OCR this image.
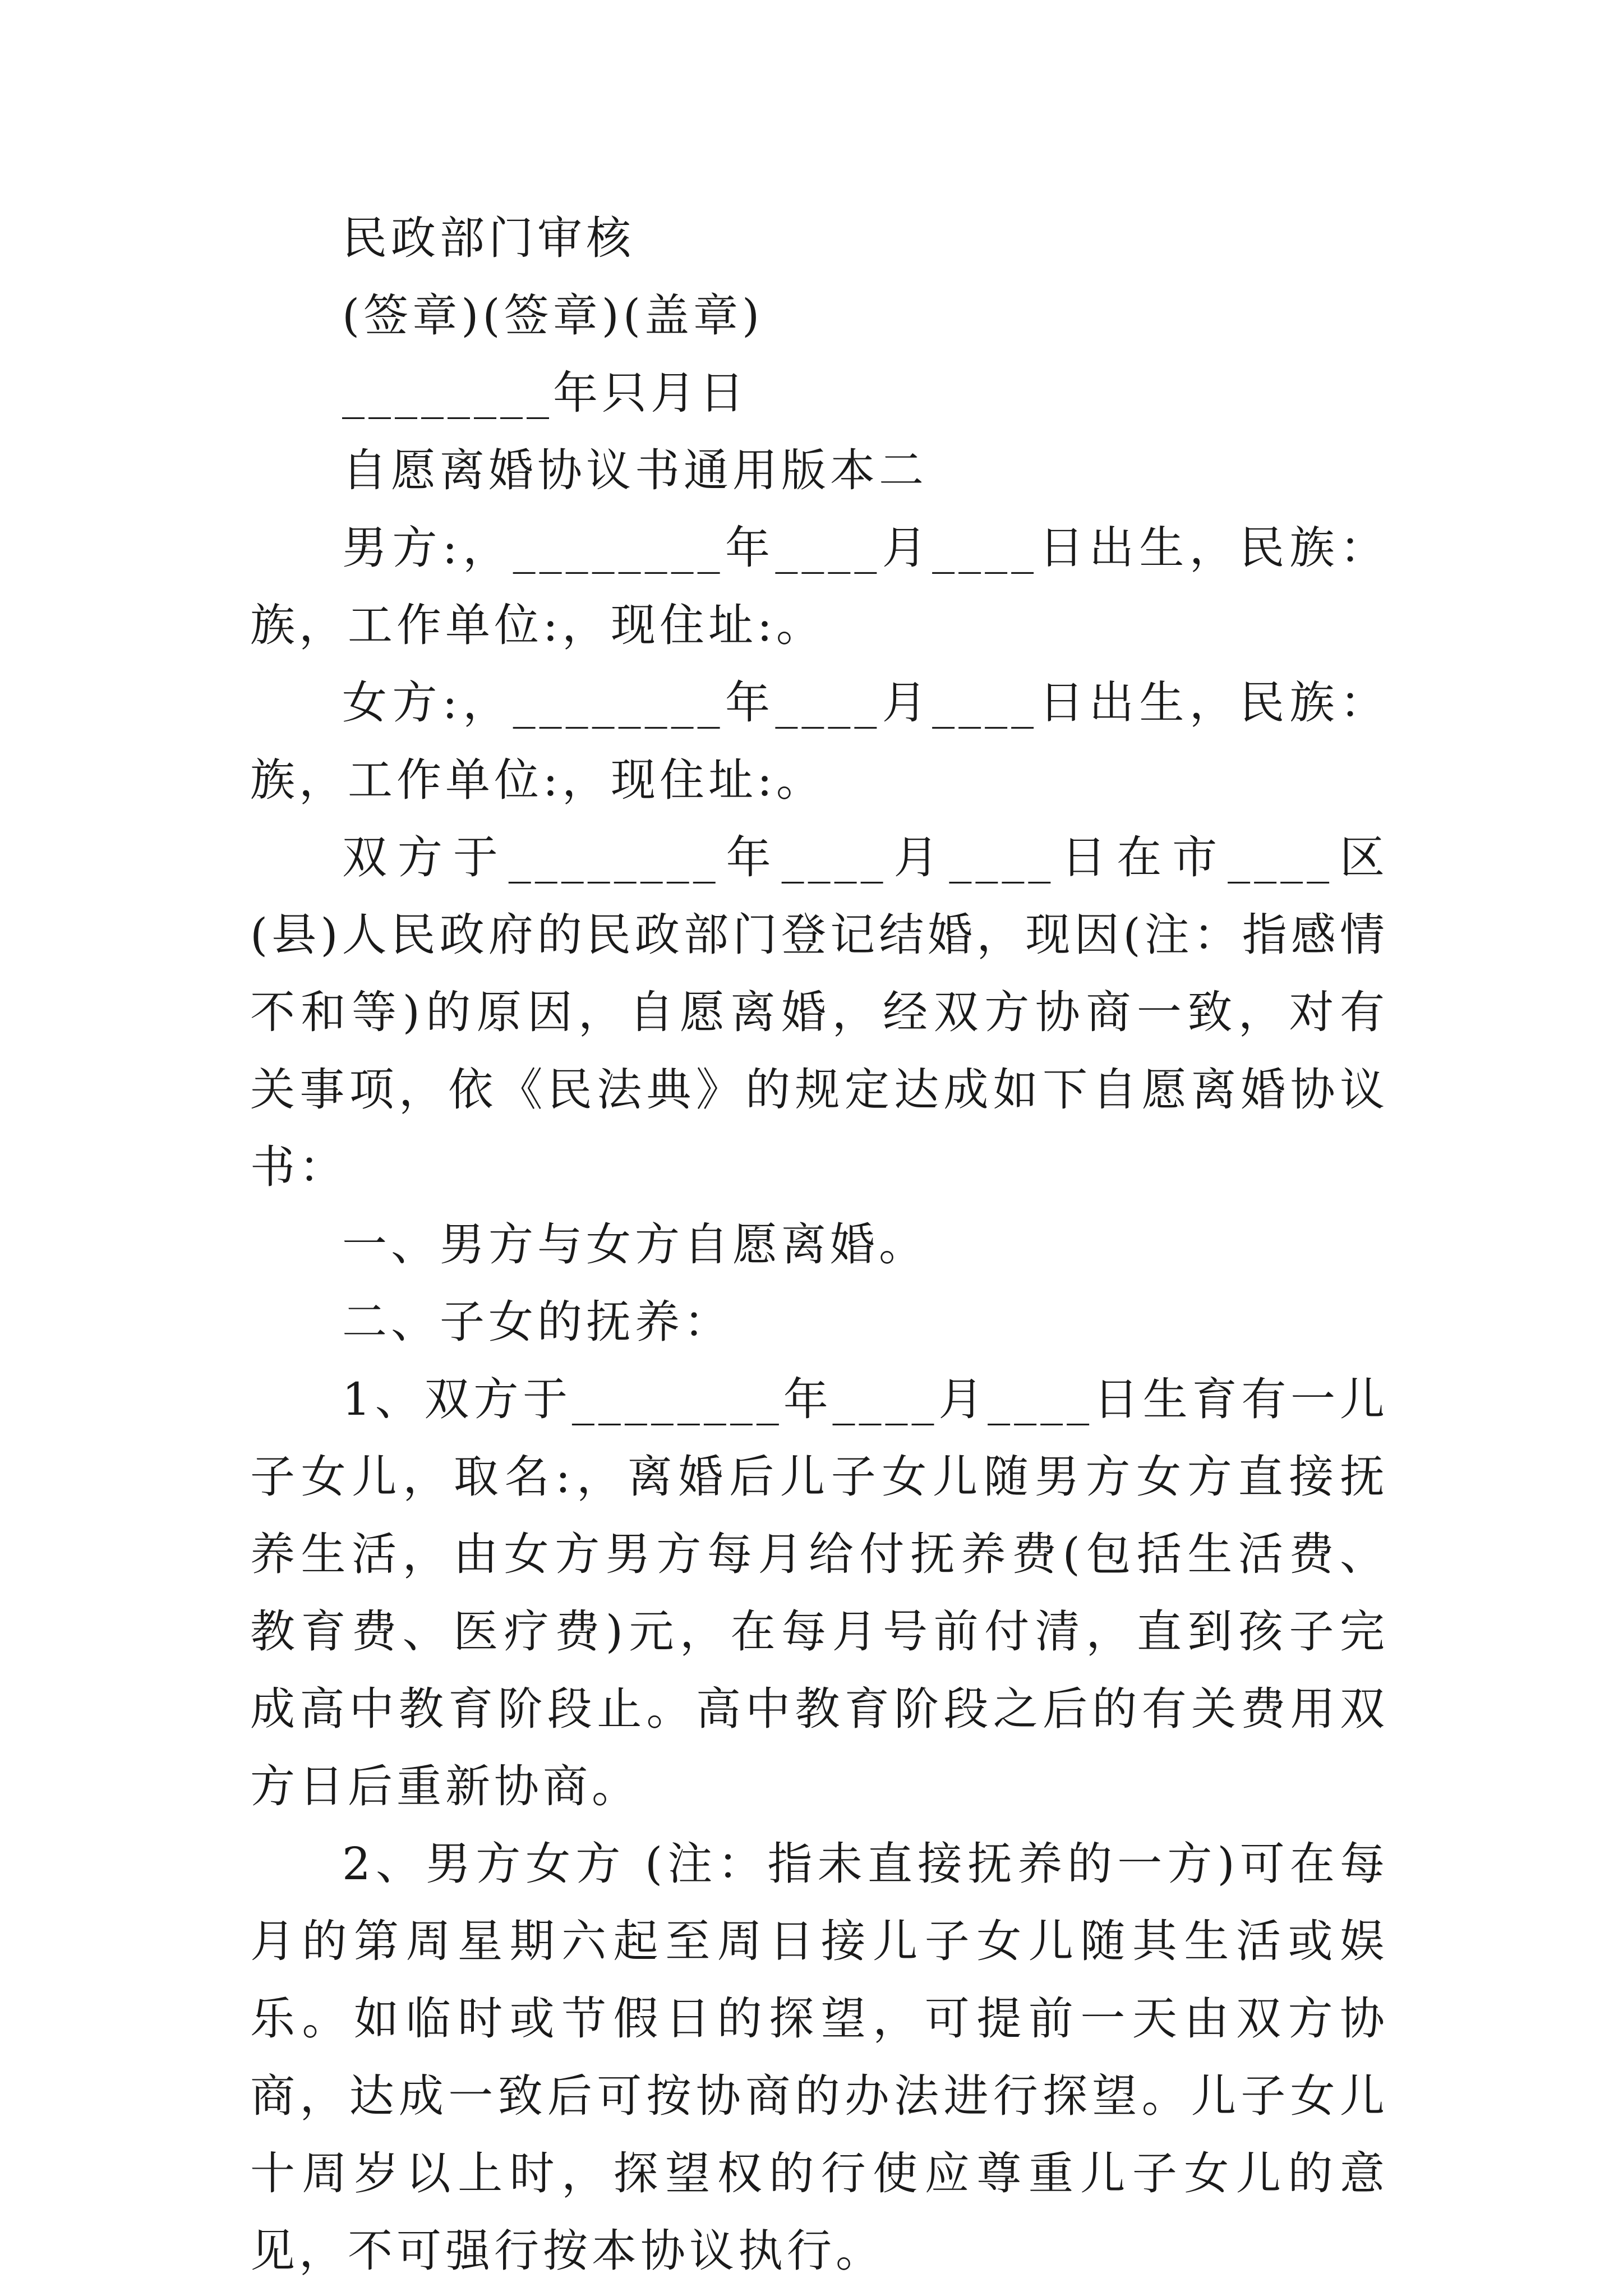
民政部门审核

(签章)(签章)(盖章)

________年只月日

自愿离婚协议书通用版本二

男方:，________年____月____日出生，民族：族，工作单位:，现住址:。

女方:，________年____月____日出生，民族：族，工作单位:，现住址:。

双方于________年____月____日在市____区(县)人民政府的民政部门登记结婚，现因(注：指感情不和等)的原因，自愿离婚，经双方协商一致，对有关事项，依《民法典》的规定达成如下自愿离婚协议书：

一、男方与女方自愿离婚。

二、子女的抚养：

1、双方于________年____月____日生育有一儿子女儿，取名:，离婚后儿子女儿随男方女方直接抚养生活，由女方男方每月给付抚养费(包括生活费、教育费、医疗费)元，在每月号前付清，直到孩子完成高中教育阶段止。高中教育阶段之后的有关费用双方日后重新协商。

2、男方女方 (注：指未直接抚养的一方)可在每月的第周星期六起至周日接儿子女儿随其生活或娱乐。如临时或节假日的探望，可提前一天由双方协商，达成一致后可按协商的办法进行探望。儿子女儿十周岁以上时，探望权的行使应尊重儿子女儿的意见，不可强行按本协议执行。
